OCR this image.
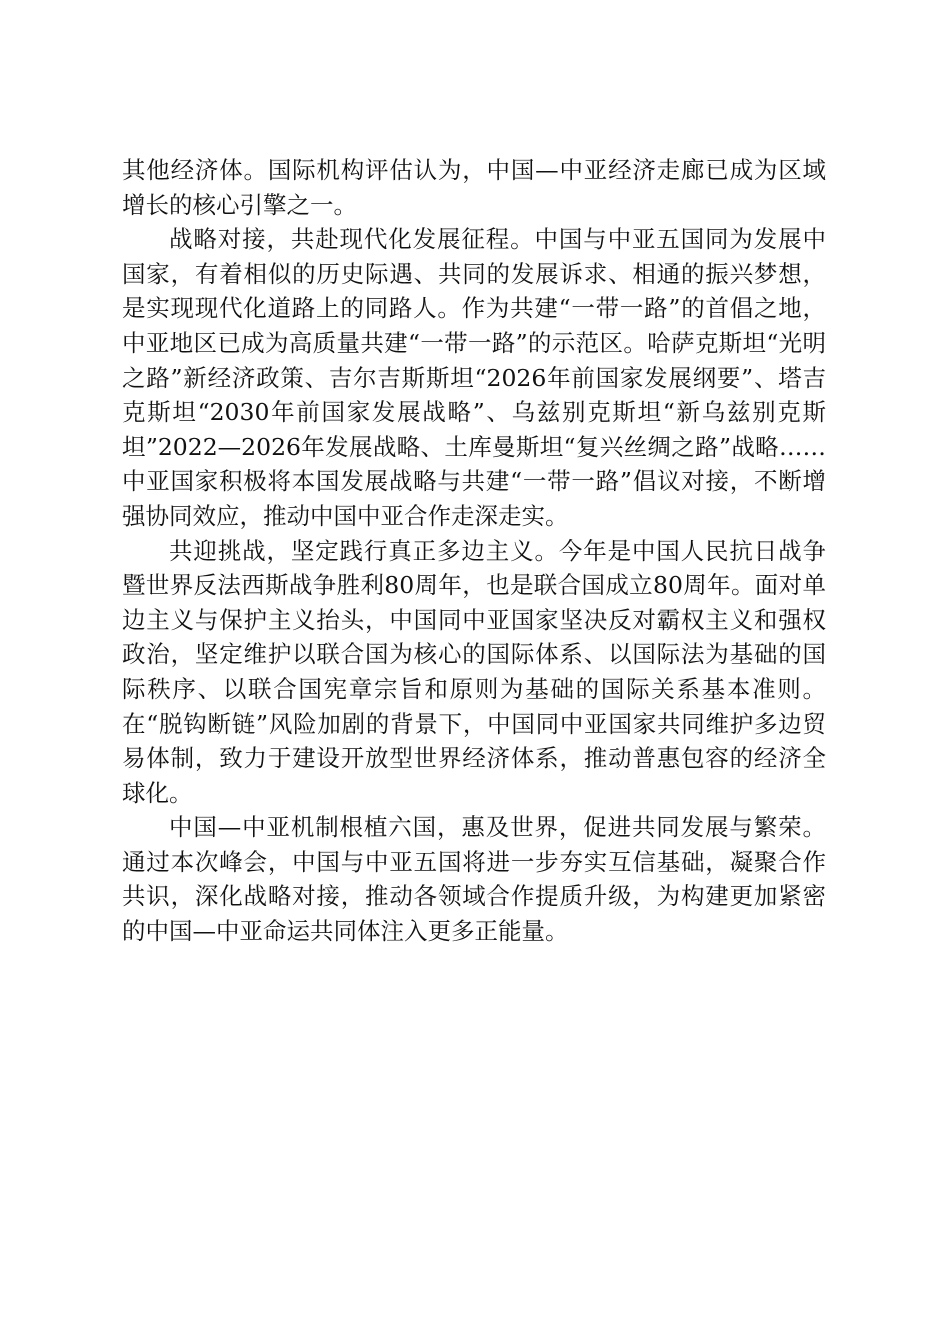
其他经济体。国际机构评估认为，中国—中亚经济走廊已成为区域增长的核心引擎之一。

战略对接，共赴现代化发展征程。中国与中亚五国同为发展中国家，有着相似的历史际遇、共同的发展诉求、相通的振兴梦想，是实现现代化道路上的同路人。作为共建“一带一路”的首倡之地，中亚地区已成为高质量共建“一带一路”的示范区。哈萨克斯坦“光明之路”新经济政策、吉尔吉斯斯坦“2026年前国家发展纲要”、塔吉克斯坦“2030年前国家发展战略”、乌兹别克斯坦“新乌兹别克斯坦”2022—2026年发展战略、土库曼斯坦“复兴丝绸之路”战略……中亚国家积极将本国发展战略与共建“一带一路”倡议对接，不断增强协同效应，推动中国中亚合作走深走实。

共迎挑战，坚定践行真正多边主义。今年是中国人民抗日战争暨世界反法西斯战争胜利80周年，也是联合国成立80周年。面对单边主义与保护主义抬头，中国同中亚国家坚决反对霸权主义和强权政治，坚定维护以联合国为核心的国际体系、以国际法为基础的国际秩序、以联合国宪章宗旨和原则为基础的国际关系基本准则。在“脱钩断链”风险加剧的背景下，中国同中亚国家共同维护多边贸易体制，致力于建设开放型世界经济体系，推动普惠包容的经济全球化。

中国—中亚机制根植六国，惠及世界，促进共同发展与繁荣。通过本次峰会，中国与中亚五国将进一步夯实互信基础，凝聚合作共识，深化战略对接，推动各领域合作提质升级，为构建更加紧密的中国—中亚命运共同体注入更多正能量。
